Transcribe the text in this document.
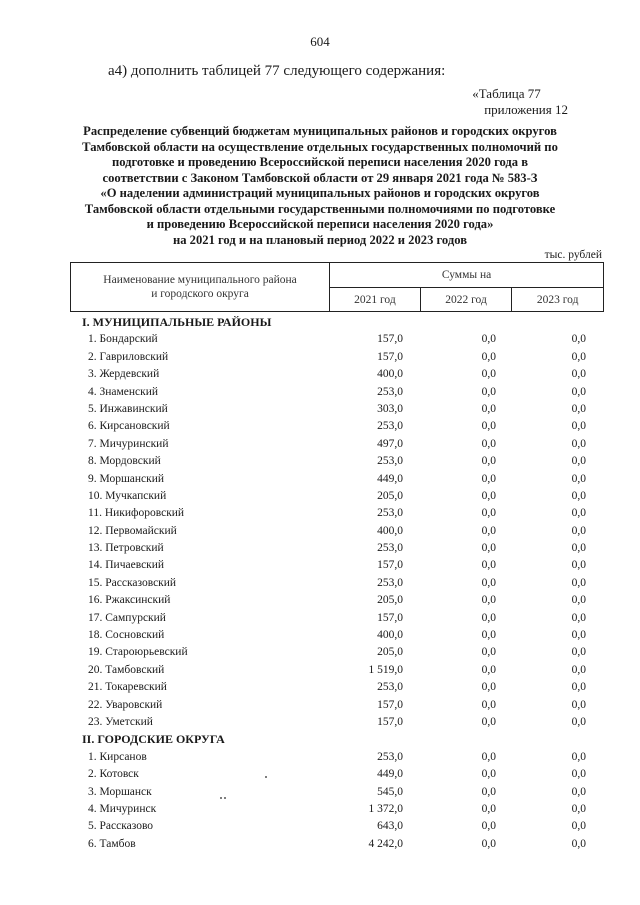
604
а4) дополнить таблицей 77 следующего содержания:
«Таблица 77
приложения 12
Распределение субвенций бюджетам муниципальных районов и городских округов
Тамбовской области на осуществление отдельных государственных полномочий по
подготовке и проведению Всероссийской переписи населения 2020 года в
соответствии с Законом Тамбовской области от 29 января 2021 года № 583-З
«О наделении администраций муниципальных районов и городских округов
Тамбовской области отдельными государственными полномочиями по подготовке
и проведению Всероссийской переписи населения 2020 года»
на 2021 год и на плановый период 2022 и 2023 годов
тыс. рублей
Наименование муниципального района
и городского округа	Суммы на		
	2021 год	2022 год	2023 год
I. МУНИЦИПАЛЬНЫЕ РАЙОНЫ
1. Бондарский	157,0	0,0	0,0
2. Гавриловский	157,0	0,0	0,0
3. Жердевский	400,0	0,0	0,0
4. Знаменский	253,0	0,0	0,0
5. Инжавинский	303,0	0,0	0,0
6. Кирсановский	253,0	0,0	0,0
7. Мичуринский	497,0	0,0	0,0
8. Мордовский	253,0	0,0	0,0
9. Моршанский	449,0	0,0	0,0
10. Мучкапский	205,0	0,0	0,0
11. Никифоровский	253,0	0,0	0,0
12. Первомайский	400,0	0,0	0,0
13. Петровский	253,0	0,0	0,0
14. Пичаевский	157,0	0,0	0,0
15. Рассказовский	253,0	0,0	0,0
16. Ржаксинский	205,0	0,0	0,0
17. Сампурский	157,0	0,0	0,0
18. Сосновский	400,0	0,0	0,0
19. Староюрьевский	205,0	0,0	0,0
20. Тамбовский	1 519,0	0,0	0,0
21. Токаревский	253,0	0,0	0,0
22. Уваровский	157,0	0,0	0,0
23. Уметский	157,0	0,0	0,0
II. ГОРОДСКИЕ ОКРУГА
1. Кирсанов	253,0	0,0	0,0
2. Котовск	449,0	0,0	0,0
3. Моршанск	545,0	0,0	0,0
4. Мичуринск	1 372,0	0,0	0,0
5. Рассказово	643,0	0,0	0,0
6. Тамбов	4 242,0	0,0	0,0
